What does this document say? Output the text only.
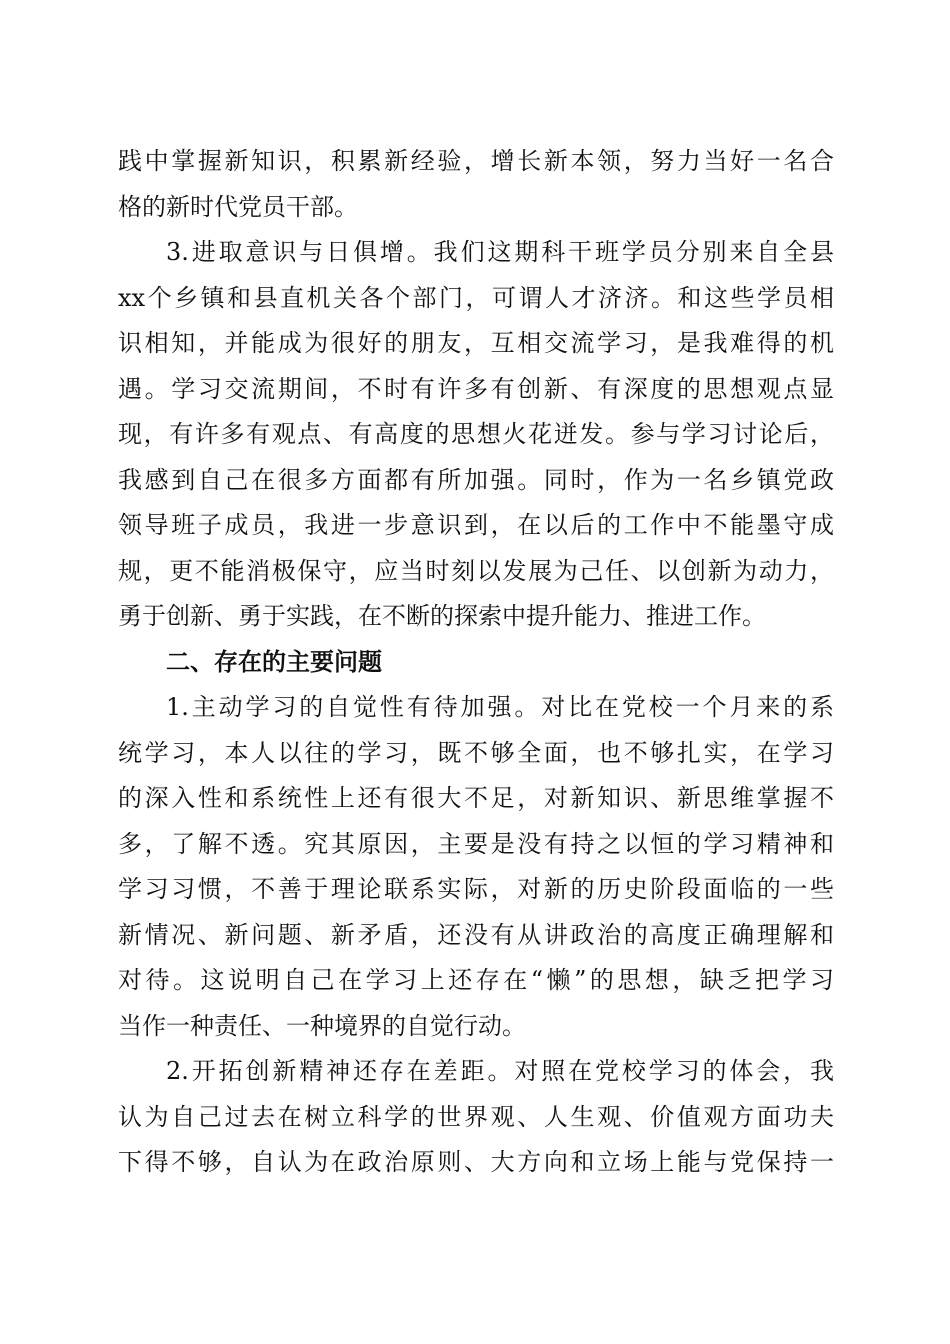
践中掌握新知识，积累新经验，增长新本领，努力当好一名合
格的新时代党员干部。
3.进取意识与日俱增。我们这期科干班学员分别来自全县
xx个乡镇和县直机关各个部门，可谓人才济济。和这些学员相
识相知，并能成为很好的朋友，互相交流学习，是我难得的机
遇。学习交流期间，不时有许多有创新、有深度的思想观点显
现，有许多有观点、有高度的思想火花迸发。参与学习讨论后，
我感到自己在很多方面都有所加强。同时，作为一名乡镇党政
领导班子成员，我进一步意识到，在以后的工作中不能墨守成
规，更不能消极保守，应当时刻以发展为己任、以创新为动力，
勇于创新、勇于实践，在不断的探索中提升能力、推进工作。
二、存在的主要问题
1.主动学习的自觉性有待加强。对比在党校一个月来的系
统学习，本人以往的学习，既不够全面，也不够扎实，在学习
的深入性和系统性上还有很大不足，对新知识、新思维掌握不
多，了解不透。究其原因，主要是没有持之以恒的学习精神和
学习习惯，不善于理论联系实际，对新的历史阶段面临的一些
新情况、新问题、新矛盾，还没有从讲政治的高度正确理解和
对待。这说明自己在学习上还存在“懒”的思想，缺乏把学习
当作一种责任、一种境界的自觉行动。
2.开拓创新精神还存在差距。对照在党校学习的体会，我
认为自己过去在树立科学的世界观、人生观、价值观方面功夫
下得不够，自认为在政治原则、大方向和立场上能与党保持一
